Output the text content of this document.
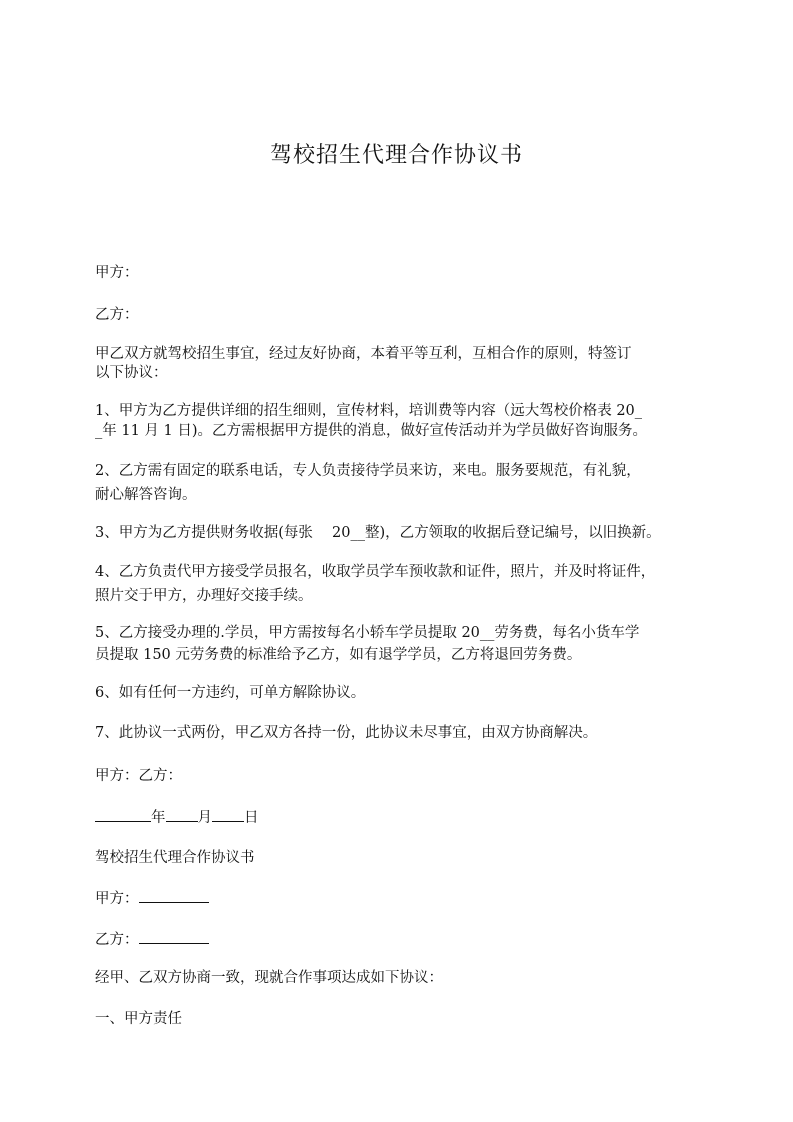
驾校招生代理合作协议书

甲方：

乙方：

甲乙双方就驾校招生事宜，经过友好协商，本着平等互利，互相合作的原则，特签订

以下协议：

1、甲方为乙方提供详细的招生细则，宣传材料，培训费等内容（远大驾校价格表 20_

_年 11 月 1 日)。乙方需根据甲方提供的消息，做好宣传活动并为学员做好咨询服务。

2、乙方需有固定的联系电话，专人负责接待学员来访，来电。服务要规范，有礼貌，

耐心解答咨询。

3、甲方为乙方提供财务收据(每张　 20__整)，乙方领取的收据后登记编号，以旧换新。

4、乙方负责代甲方接受学员报名，收取学员学车预收款和证件，照片，并及时将证件，

照片交于甲方，办理好交接手续。

5、乙方接受办理的.学员，甲方需按每名小轿车学员提取 20__劳务费，每名小货车学

员提取 150 元劳务费的标准给予乙方，如有退学学员，乙方将退回劳务费。

6、如有任何一方违约，可单方解除协议。

7、此协议一式两份，甲乙双方各持一份，此协议未尽事宜，由双方协商解决。

甲方：乙方：

年 月 日

驾校招生代理合作协议书

甲方：

乙方：

经甲、乙双方协商一致，现就合作事项达成如下协议：

一、甲方责任
